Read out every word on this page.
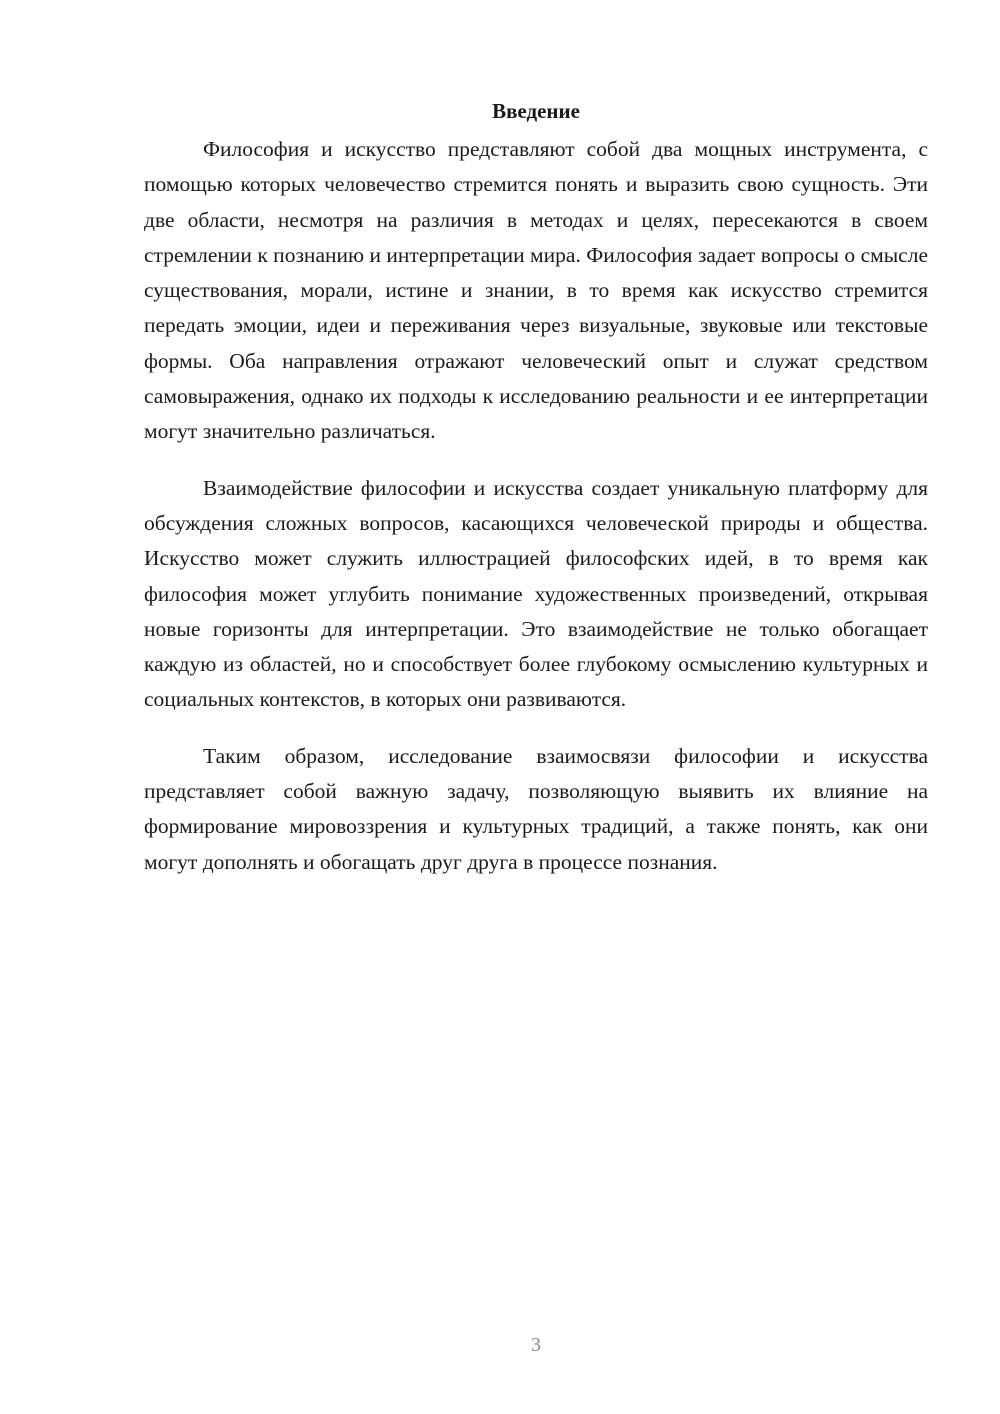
Введение

Философия и искусство представляют собой два мощных инструмента, с помощью которых человечество стремится понять и выразить свою сущность. Эти две области, несмотря на различия в методах и целях, пересекаются в своем стремлении к познанию и интерпретации мира. Философия задает вопросы о смысле существования, морали, истине и знании, в то время как искусство стремится передать эмоции, идеи и переживания через визуальные, звуковые или текстовые формы. Оба направления отражают человеческий опыт и служат средством самовыражения, однако их подходы к исследованию реальности и ее интерпретации могут значительно различаться.

Взаимодействие философии и искусства создает уникальную платформу для обсуждения сложных вопросов, касающихся человеческой природы и общества. Искусство может служить иллюстрацией философских идей, в то время как философия может углубить понимание художественных произведений, открывая новые горизонты для интерпретации. Это взаимодействие не только обогащает каждую из областей, но и способствует более глубокому осмыслению культурных и социальных контекстов, в которых они развиваются.

Таким образом, исследование взаимосвязи философии и искусства представляет собой важную задачу, позволяющую выявить их влияние на формирование мировоззрения и культурных традиций, а также понять, как они могут дополнять и обогащать друг друга в процессе познания.

3
